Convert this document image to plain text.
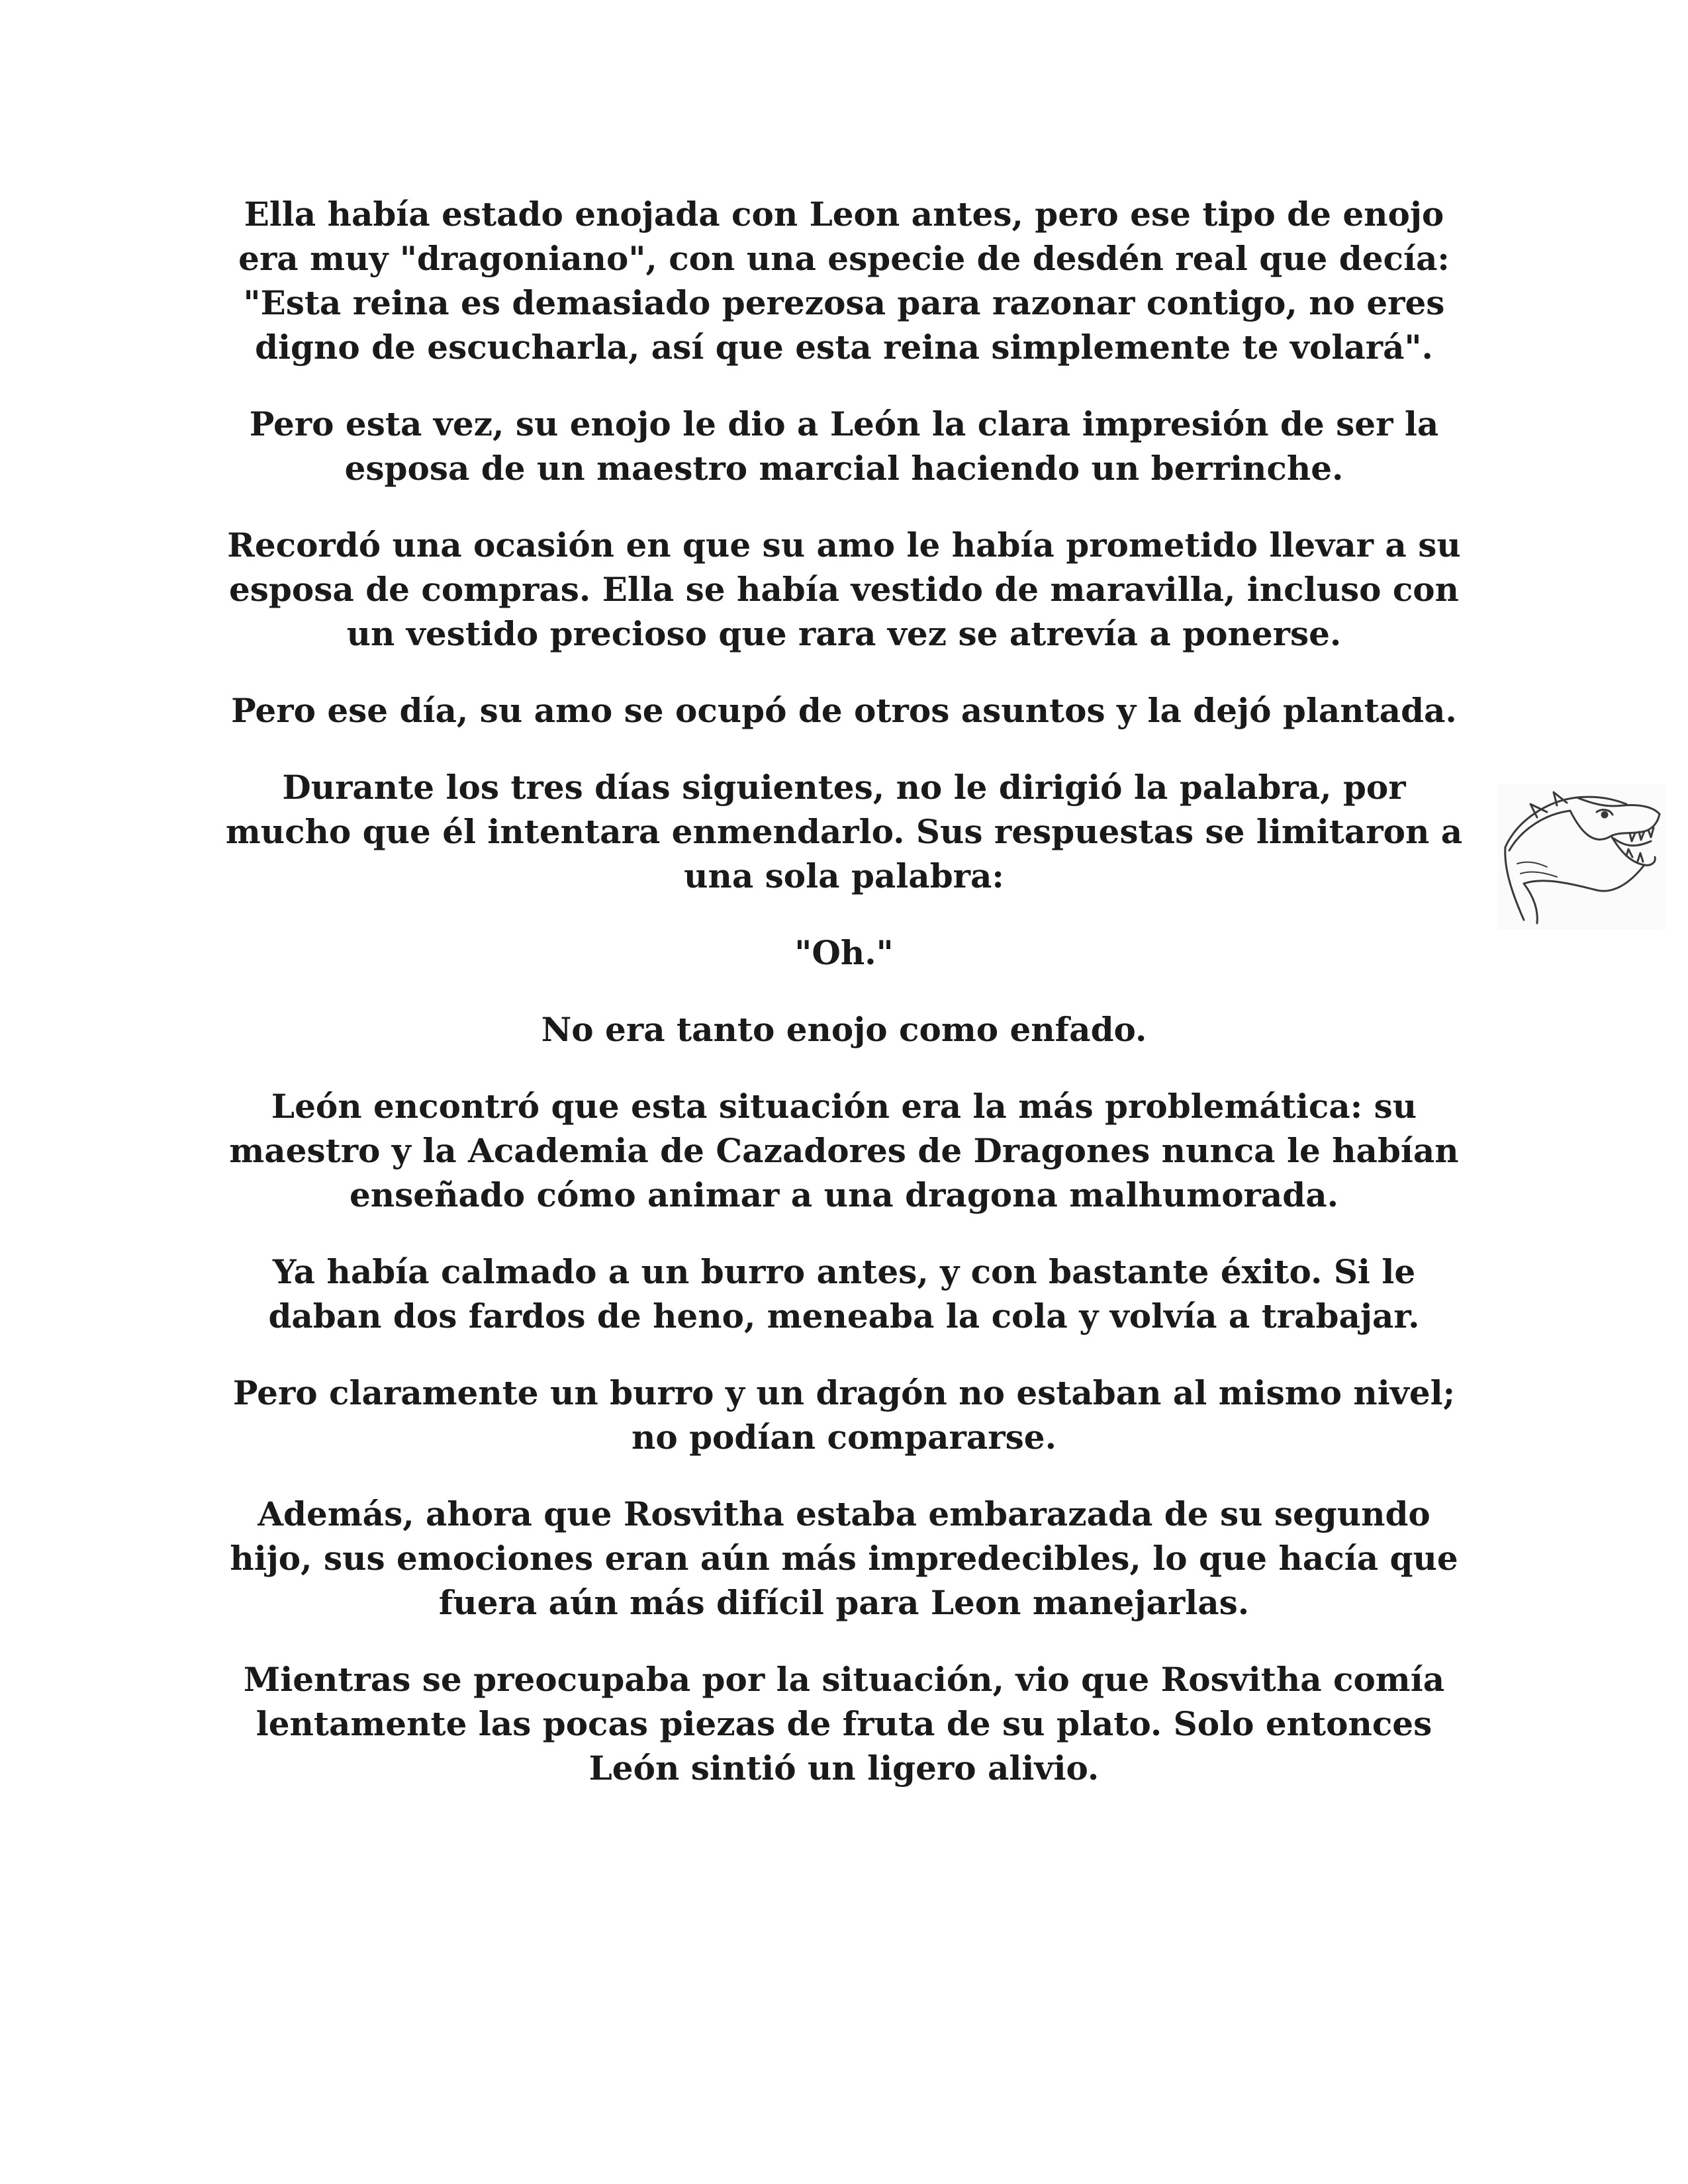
Ella había estado enojada con Leon antes, pero ese tipo de enojo era muy "dragoniano", con una especie de desdén real que decía: "Esta reina es demasiado perezosa para razonar contigo, no eres digno de escucharla, así que esta reina simplemente te volará".

Pero esta vez, su enojo le dio a León la clara impresión de ser la esposa de un maestro marcial haciendo un berrinche.

Recordó una ocasión en que su amo le había prometido llevar a su esposa de compras. Ella se había vestido de maravilla, incluso con un vestido precioso que rara vez se atrevía a ponerse.

Pero ese día, su amo se ocupó de otros asuntos y la dejó plantada.

Durante los tres días siguientes, no le dirigió la palabra, por mucho que él intentara enmendarlo. Sus respuestas se limitaron a una sola palabra:

"Oh."

No era tanto enojo como enfado.

León encontró que esta situación era la más problemática: su maestro y la Academia de Cazadores de Dragones nunca le habían enseñado cómo animar a una dragona malhumorada.

Ya había calmado a un burro antes, y con bastante éxito. Si le daban dos fardos de heno, meneaba la cola y volvía a trabajar.

Pero claramente un burro y un dragón no estaban al mismo nivel; no podían compararse.

Además, ahora que Rosvitha estaba embarazada de su segundo hijo, sus emociones eran aún más impredecibles, lo que hacía que fuera aún más difícil para Leon manejarlas.

Mientras se preocupaba por la situación, vio que Rosvitha comía lentamente las pocas piezas de fruta de su plato. Solo entonces León sintió un ligero alivio.
